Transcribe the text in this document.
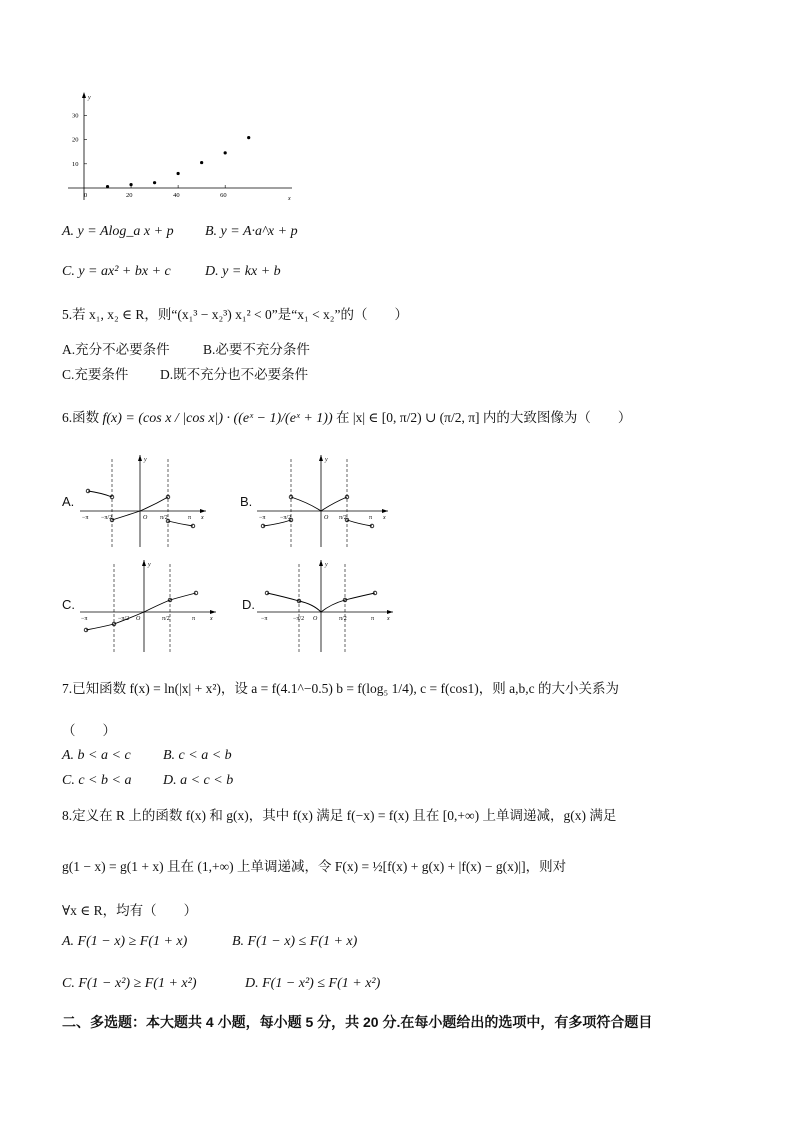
x
y
0	20	40	60
10
20
30
A. y = Alog_a x + p B. y = A·a^x + p
C. y = ax² + bx + c D. y = kx + b
5.若 x₁, x₂ ∈ R，则“(x₁³ − x₂³) x₁² < 0”是“x₁ < x₂”的（　　）
A.充分不必要条件 B.必要不充分条件
C.充要条件 D.既不充分也不必要条件
6.函数 f(x) = (cos x / |cos x|) · ((eˣ − 1)/(eˣ + 1)) 在 |x| ∈ [0, π/2) ∪ (π/2, π] 内的大致图像为（　　）
A.	B.
C.	D.
−π −π/2	O π/2	π x
y
−π −π/2	O π/2	π x
y
−π	−π/2 O	π/2	π x
y
−π	−π/2 O	π/2	π x
y
7.已知函数 f(x) = ln(|x| + x²)，设 a = f(4.1^−0.5) b = f(log₅ 1/4), c = f(cos1)，则 a,b,c 的大小关系为
（　　）
A. b < a < c B. c < a < b
C. c < b < a D. a < c < b
8.定义在 R 上的函数 f(x) 和 g(x)，其中 f(x) 满足 f(−x) = f(x) 且在 [0,+∞) 上单调递减，g(x) 满足
g(1 − x) = g(1 + x) 且在 (1,+∞) 上单调递减，令 F(x) = ½[f(x) + g(x) + |f(x) − g(x)|]，则对
∀x ∈ R，均有（　　）
A. F(1 − x) ≥ F(1 + x)	B. F(1 − x) ≤ F(1 + x)
C. F(1 − x²) ≥ F(1 + x²)	D. F(1 − x²) ≤ F(1 + x²)
二、多选题：本大题共 4 小题，每小题 5 分，共 20 分.在每小题给出的选项中，有多项符合题目
